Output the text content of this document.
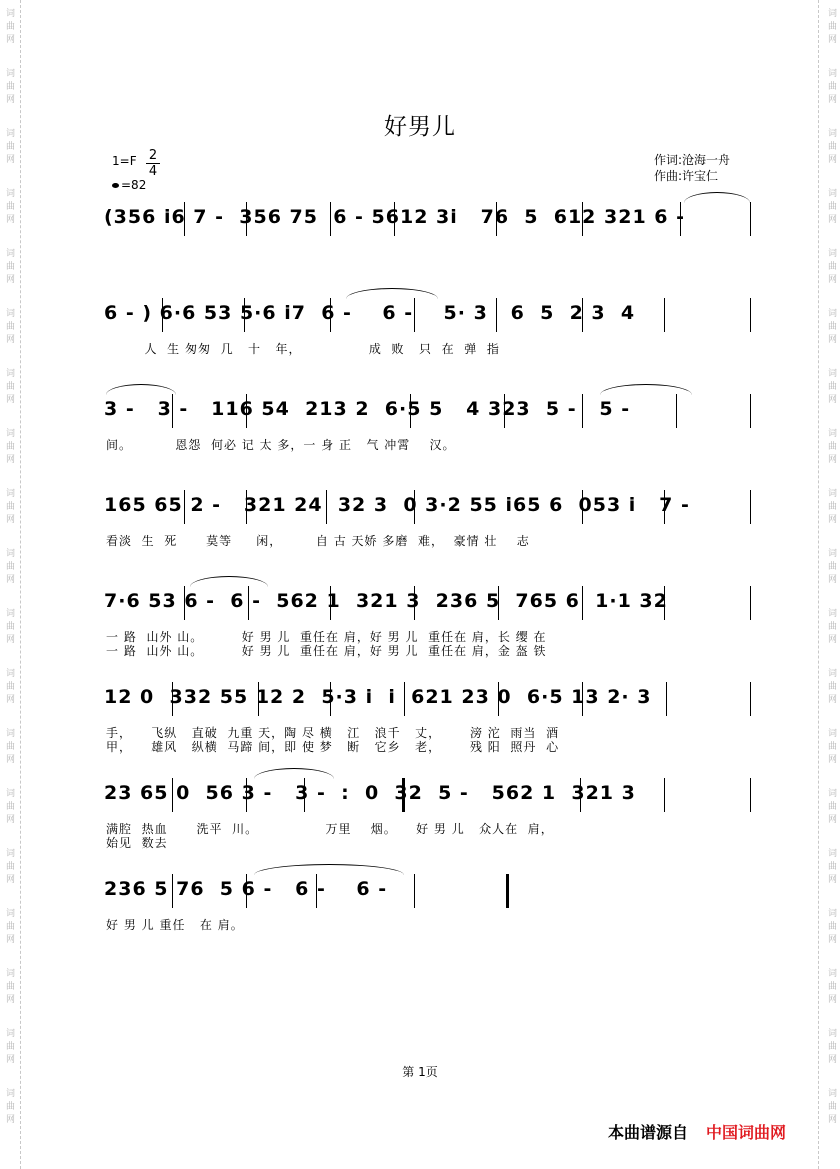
词曲网
词曲网
词曲网
词曲网
词曲网
词曲网
词曲网
词曲网
词曲网
词曲网
词曲网
词曲网
词曲网
词曲网
词曲网
词曲网
词曲网
词曲网
词曲网
词曲网
词曲网
词曲网
词曲网
词曲网
词曲网
词曲网
词曲网
词曲网
词曲网
词曲网
词曲网
词曲网
词曲网
词曲网
词曲网
词曲网
词曲网
词曲网
好男儿
1=F 2
4
=82
作词:沧海一舟
作曲:许宝仁
(356 i6 7 -  356 75  6 - 5612 3i   76  5  612 321 6 -
6 - ) 6·6 53 5·6 i7  6 -    6 -    5· 3   6  5  2 3  4
人  生 匆匆  几   十   年，              成  败   只  在  弹  指
3 -   3 -   116 54  213 2  6·5 5   4 323  5 -   5 -
间。         恩怨  何必 记 太 多，一 身 正   气 冲霄    汉。
165 65 2 -   321 24  32 3  0 3·2 55 i65 6  053 i   7 -
看淡  生  死      莫等     闲，       自 古 天娇 多磨  难，  豪情 壮    志
7·6 53 6 -  6 -  562 1  321 3  236 5  765 6  1·1 32
一 路  山外 山。        好 男 儿  重任在 肩，好 男 儿  重任在 肩，长 缨 在
一 路  山外 山。        好 男 儿  重任在 肩，好 男 儿  重任在 肩，金 盔 铁
12 0  332 55 12 2  5·3 i  i  621 23 0  6·5 13 2· 3
手，    飞纵   直破  九重 天，陶 尽 横   江   浪千   丈，      滂 沱  雨当  酒
甲，    雄风   纵横  马蹄 间，即 使 梦   断   它乡   老，      残 阳  照丹  心
23 65 0  56 3 -   3 -  :  0  32  5 -   562 1  321 3
满腔  热血      洗平  川。              万里    烟。    好 男 儿   众人在  肩，
始见  数去
236 5 76  5 6 -   6 -    6 -
好 男 儿 重任   在 肩。
第 1页
本曲谱源自 中国词曲网
